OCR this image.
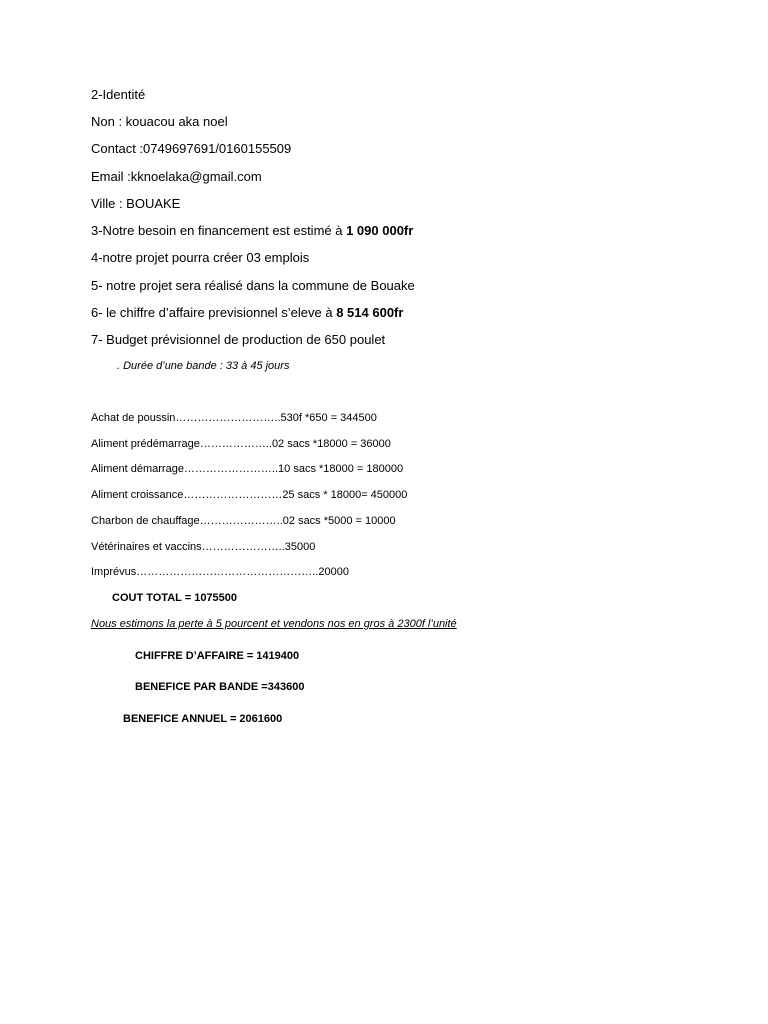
2-Identité
Non : kouacou aka noel
Contact :0749697691/0160155509
Email :kknoelaka@gmail.com
Ville : BOUAKE
3-Notre besoin en financement est estimé à 1 090 000fr
4-notre projet pourra créer 03 emplois
5- notre projet sera réalisé dans la commune de Bouake
6- le chiffre d’affaire previsionnel s’eleve à 8 514 600fr
7- Budget prévisionnel de production de 650 poulet
. Durée d’une bande : 33 à 45 jours
Achat de poussin………………………..530f *650 = 344500
Aliment prédémarrage………………..02 sacs *18000 = 36000
Aliment démarrage……………………..10 sacs *18000 = 180000
Aliment croissance………………………25 sacs * 18000= 450000
Charbon de chauffage…………………..02 sacs *5000 = 10000
Vétérinaires et vaccins…………………..35000
Imprévus…………………………………………..20000
COUT TOTAL = 1075500
Nous estimons la perte à 5 pourcent et vendons nos en gros à 2300f l’unité
CHIFFRE D’AFFAIRE = 1419400
BENEFICE PAR BANDE =343600
BENEFICE ANNUEL = 2061600
